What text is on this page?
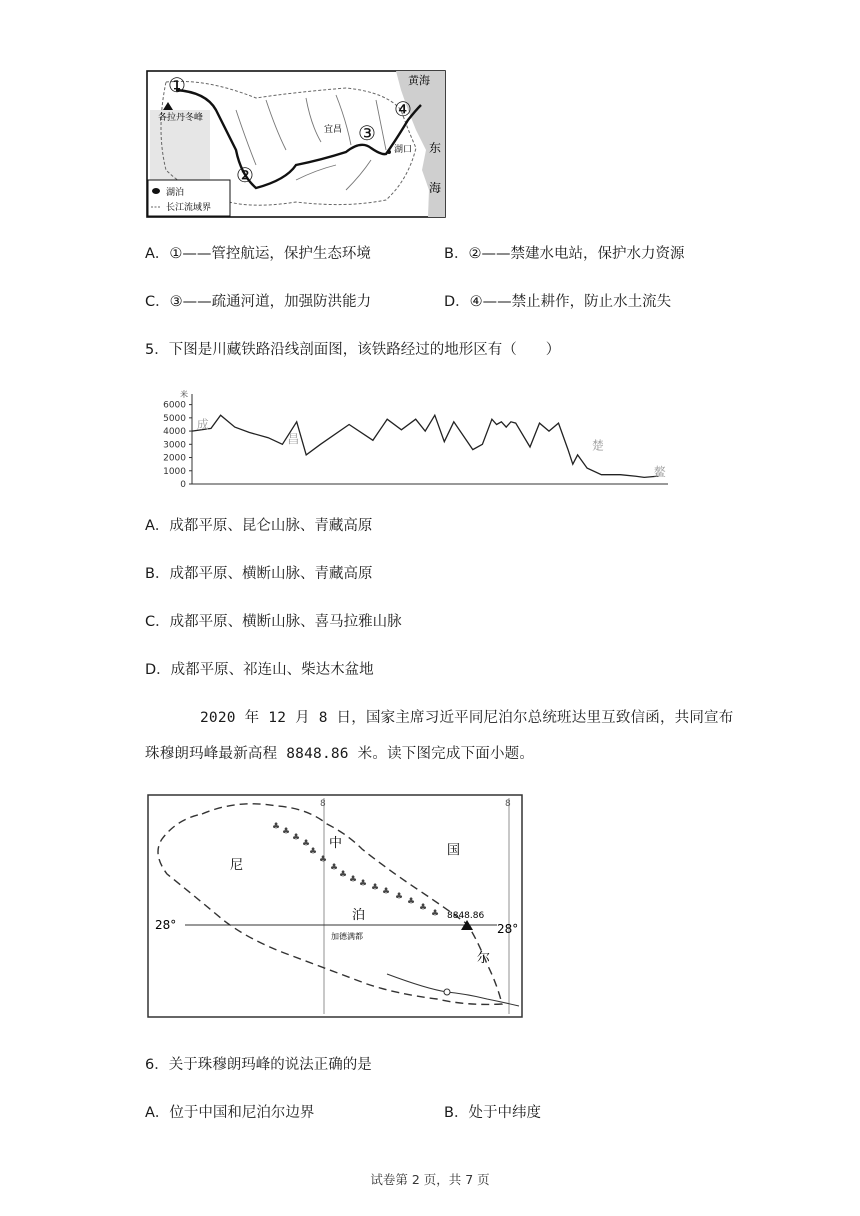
各拉丹冬峰
①
②
③
④
宜昌
湖口
黄海
东
海
湖泊
长江流域界
A．①——管控航运，保护生态环境	B．②——禁建水电站，保护水力资源
C．③——疏通河道，加强防洪能力	D．④——禁止耕作，防止水土流失
5．下图是川藏铁路沿线剖面图，该铁路经过的地形区有（　　）
米
0
1000
2000
3000
4000
5000
6000
成
昌	楚
鳌
A．成都平原、昆仑山脉、青藏高原
B．成都平原、横断山脉、青藏高原
C．成都平原、横断山脉、喜马拉雅山脉
D．成都平原、祁连山、柴达木盆地
2020 年 12 月 8 日，国家主席习近平同尼泊尔总统班达里互致信函，共同宣布
珠穆朗玛峰最新高程 8848.86 米。读下图完成下面小题。
28°	28°
8	8
♣ ♣
♣
♣
♣
♣
♣
♣ ♣ ♣ ♣ ♣ ♣ ♣
♣
♣ 8848.86
加德满都
尼
泊
尔
中	国
6．关于珠穆朗玛峰的说法正确的是
A．位于中国和尼泊尔边界	B．处于中纬度
试卷第 2 页，共 7 页
